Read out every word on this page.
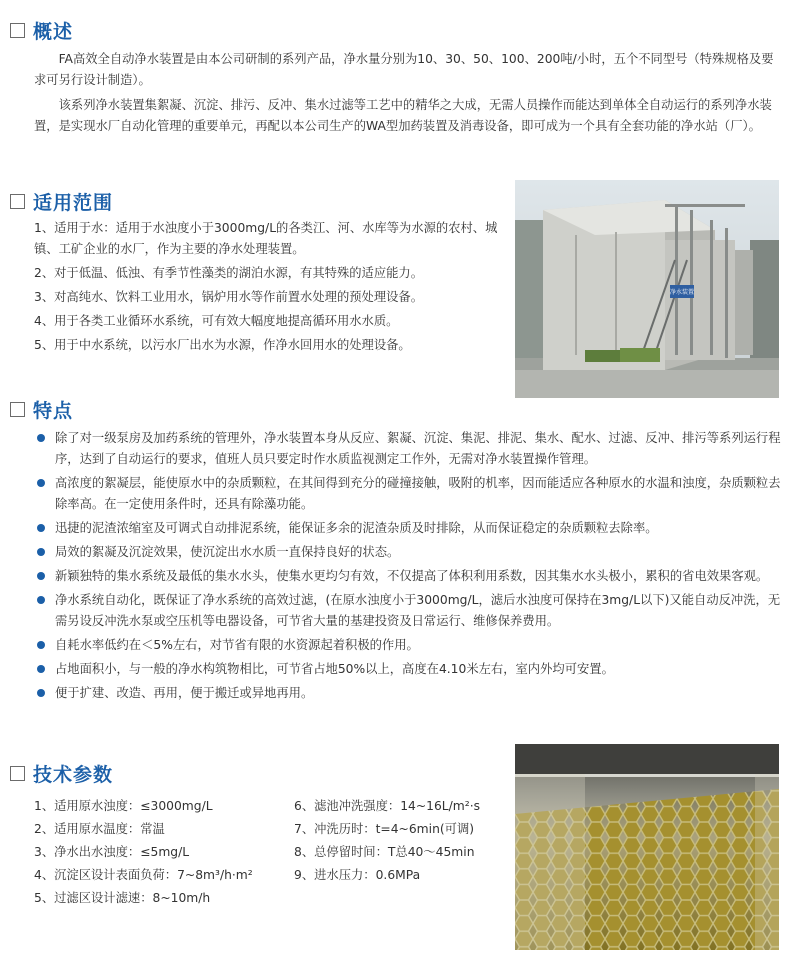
概述

FA高效全自动净水装置是由本公司研制的系列产品，净水量分别为10、30、50、100、200吨/小时，五个不同型号（特殊规格及要求可另行设计制造）。

该系列净水装置集絮凝、沉淀、排污、反冲、集水过滤等工艺中的精华之大成，无需人员操作而能达到单体全自动运行的系列净水装置，是实现水厂自动化管理的重要单元，再配以本公司生产的WA型加药装置及消毒设备，即可成为一个具有全套功能的净水站（厂）。

适用范围
1、适用于水：适用于水浊度小于3000mg/L的各类江、河、水库等为水源的农村、城镇、工矿企业的水厂，作为主要的净水处理装置。
2、对于低温、低浊、有季节性藻类的湖泊水源，有其特殊的适应能力。
3、对高纯水、饮料工业用水，锅炉用水等作前置水处理的预处理设备。
4、用于各类工业循环水系统，可有效大幅度地提高循环用水水质。
5、用于中水系统，以污水厂出水为水源，作净水回用水的处理设备。
净水装置
特点
除了对一级泵房及加药系统的管理外，净水装置本身从反应、絮凝、沉淀、集泥、排泥、集水、配水、过滤、反冲、排污等系列运行程序，达到了自动运行的要求，值班人员只要定时作水质监视测定工作外，无需对净水装置操作管理。
高浓度的絮凝层，能使原水中的杂质颗粒，在其间得到充分的碰撞接触，吸附的机率，因而能适应各种原水的水温和浊度，杂质颗粒去除率高。在一定使用条件时，还具有除藻功能。
迅捷的泥渣浓缩室及可调式自动排泥系统，能保证多余的泥渣杂质及时排除，从而保证稳定的杂质颗粒去除率。
局效的絮凝及沉淀效果，使沉淀出水水质一直保持良好的状态。
新颖独特的集水系统及最低的集水水头，使集水更均匀有效，不仅提高了体积利用系数，因其集水水头极小，累积的省电效果客观。
净水系统自动化，既保证了净水系统的高效过滤，(在原水浊度小于3000mg/L，滤后水浊度可保持在3mg/L以下)又能自动反冲洗，无需另设反冲洗水泵或空压机等电器设备，可节省大量的基建投资及日常运行、维修保养费用。
自耗水率低约在＜5%左右，对节省有限的水资源起着积极的作用。
占地面积小，与一般的净水构筑物相比，可节省占地50%以上，高度在4.10米左右，室内外均可安置。
便于扩建、改造、再用，便于搬迁或异地再用。
技术参数
1、适用原水浊度：≤3000mg/L
2、适用原水温度：常温
3、净水出水浊度：≤5mg/L
4、沉淀区设计表面负荷：7~8m³/h·m²
5、过滤区设计滤速：8~10m/h
6、滤池冲洗强度：14~16L/m²·s
7、冲洗历时：t=4~6min(可调)
8、总停留时间：T总40～45min
9、进水压力：0.6MPa
